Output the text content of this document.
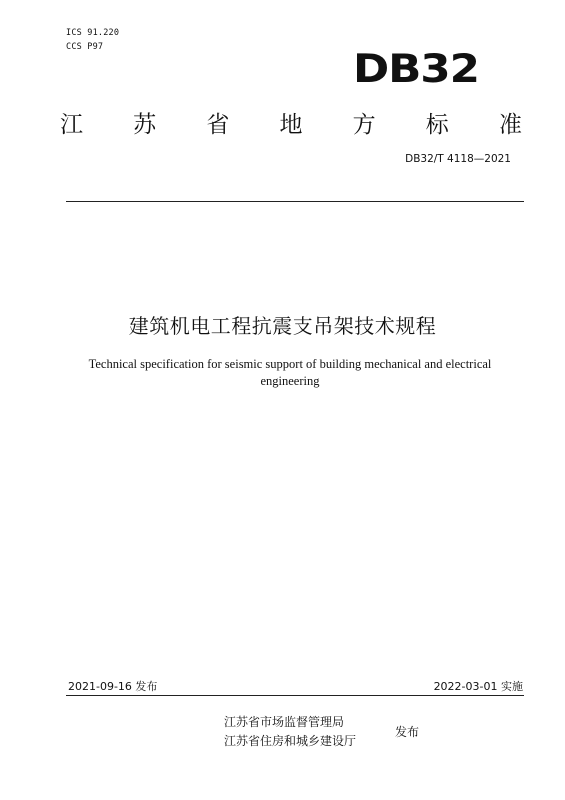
ICS 91.220
CCS P97	DB32
江 苏 省 地 方 标 准
DB32/T 4118—2021
建筑机电工程抗震支吊架技术规程
Technical specification for seismic support of building mechanical and electrical engineering
2021-09-16 发布	2022-03-01 实施
江苏省市场监督管理局
江苏省住房和城乡建设厅
发布
